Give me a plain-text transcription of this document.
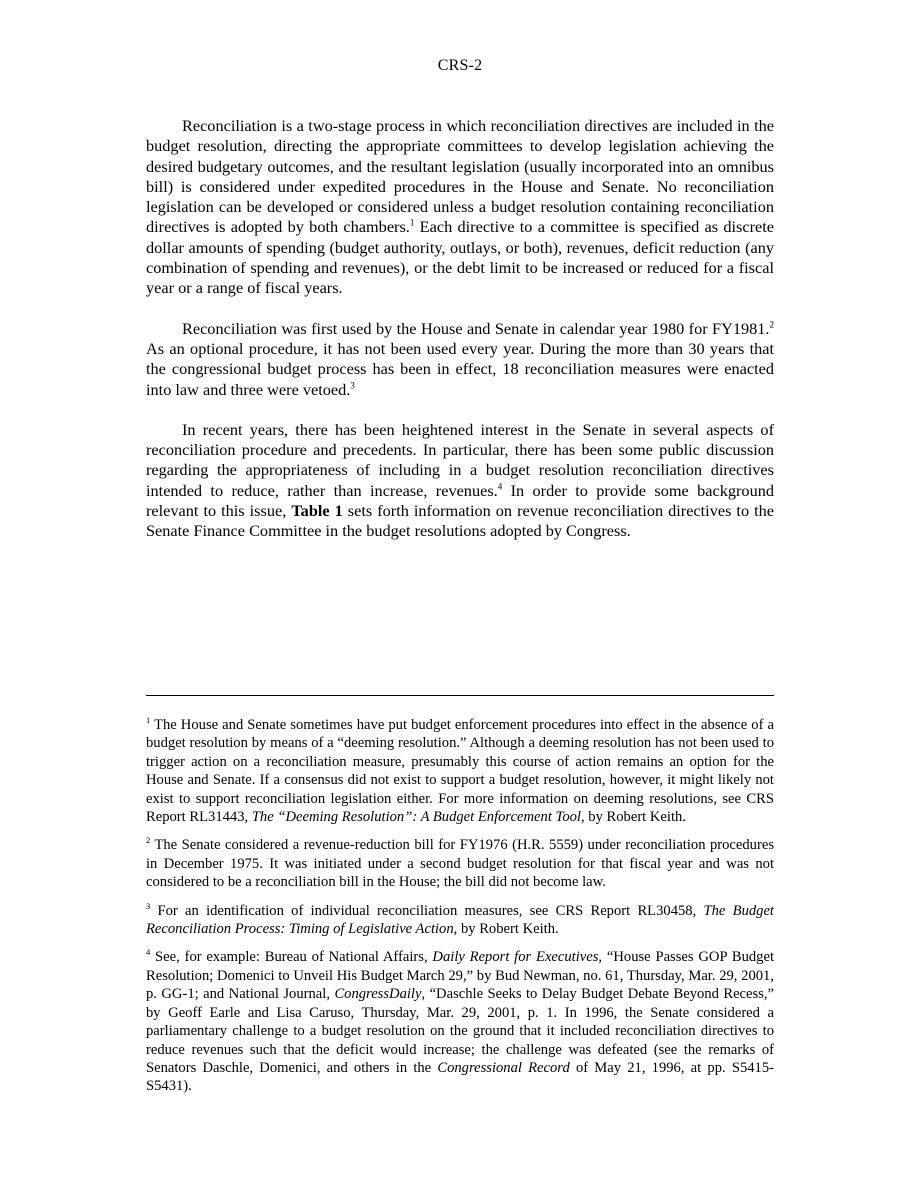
CRS-2

Reconciliation is a two-stage process in which reconciliation directives are included in the budget resolution, directing the appropriate committees to develop legislation achieving the desired budgetary outcomes, and the resultant legislation (usually incorporated into an omnibus bill) is considered under expedited procedures in the House and Senate. No reconciliation legislation can be developed or considered unless a budget resolution containing reconciliation directives is adopted by both chambers.$^1$ Each directive to a committee is specified as discrete dollar amounts of spending (budget authority, outlays, or both), revenues, deficit reduction (any combination of spending and revenues), or the debt limit to be increased or reduced for a fiscal year or a range of fiscal years.

Reconciliation was first used by the House and Senate in calendar year 1980 for FY1981.$^2$ As an optional procedure, it has not been used every year. During the more than 30 years that the congressional budget process has been in effect, 18 reconciliation measures were enacted into law and three were vetoed.$^3$

In recent years, there has been heightened interest in the Senate in several aspects of reconciliation procedure and precedents. In particular, there has been some public discussion regarding the appropriateness of including in a budget resolution reconciliation directives intended to reduce, rather than increase, revenues.$^4$ In order to provide some background relevant to this issue, Table 1 sets forth information on revenue reconciliation directives to the Senate Finance Committee in the budget resolutions adopted by Congress.

$^1$ The House and Senate sometimes have put budget enforcement procedures into effect in the absence of a budget resolution by means of a “deeming resolution.” Although a deeming resolution has not been used to trigger action on a reconciliation measure, presumably this course of action remains an option for the House and Senate. If a consensus did not exist to support a budget resolution, however, it might likely not exist to support reconciliation legislation either. For more information on deeming resolutions, see CRS Report RL31443, The “Deeming Resolution”: A Budget Enforcement Tool, by Robert Keith.

$^2$ The Senate considered a revenue-reduction bill for FY1976 (H.R. 5559) under reconciliation procedures in December 1975. It was initiated under a second budget resolution for that fiscal year and was not considered to be a reconciliation bill in the House; the bill did not become law.

$^3$ For an identification of individual reconciliation measures, see CRS Report RL30458, The Budget Reconciliation Process: Timing of Legislative Action, by Robert Keith.

$^4$ See, for example: Bureau of National Affairs, Daily Report for Executives, “House Passes GOP Budget Resolution; Domenici to Unveil His Budget March 29,” by Bud Newman, no. 61, Thursday, Mar. 29, 2001, p. GG-1; and National Journal, CongressDaily, “Daschle Seeks to Delay Budget Debate Beyond Recess,” by Geoff Earle and Lisa Caruso, Thursday, Mar. 29, 2001, p. 1. In 1996, the Senate considered a parliamentary challenge to a budget resolution on the ground that it included reconciliation directives to reduce revenues such that the deficit would increase; the challenge was defeated (see the remarks of Senators Daschle, Domenici, and others in the Congressional Record of May 21, 1996, at pp. S5415-S5431).
